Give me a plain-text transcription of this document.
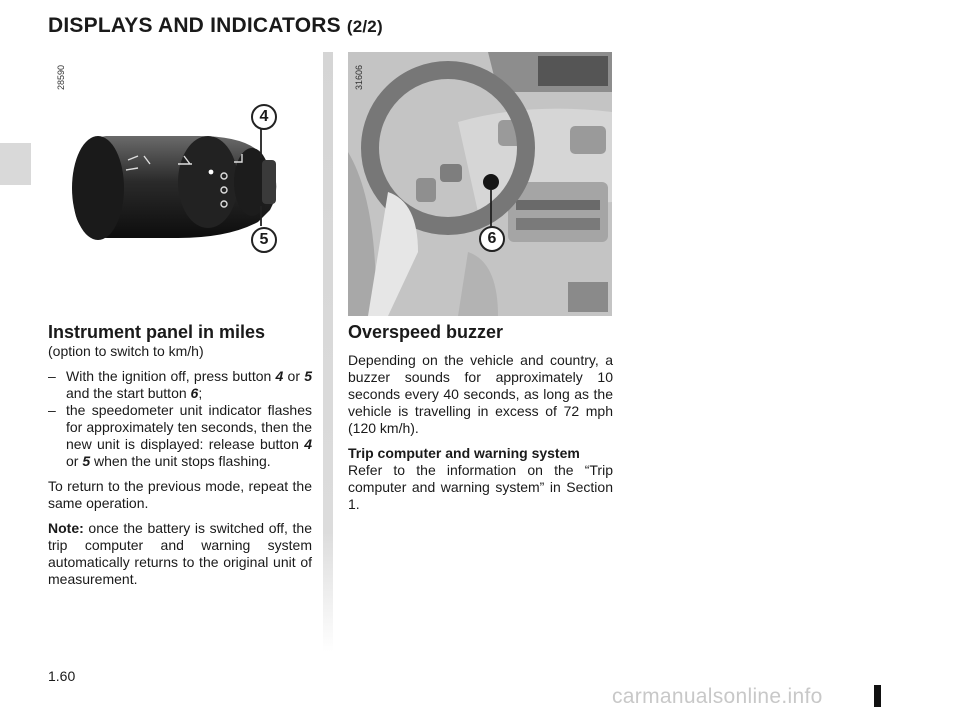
DISPLAYS AND INDICATORS (2/2)
28590
4
5
31606
6
Instrument panel in miles
(option to switch to km/h)
– With the ignition off, press button 4 or 5 and the start button 6;
– the speedometer unit indicator flashes for approximately ten seconds, then the new unit is displayed: release button 4 or 5 when the unit stops flashing.

To return to the previous mode, repeat the same operation.

Note: once the battery is switched off, the trip computer and warning system automatically returns to the original unit of measurement.

Overspeed buzzer

Depending on the vehicle and country, a buzzer sounds for approximately 10 seconds every 40 seconds, as long as the vehicle is travelling in excess of 72 mph (120 km/h).

Trip computer and warning system

Refer to the information on the “Trip computer and warning system” in Section 1.

1.60
carmanualsonline.info
